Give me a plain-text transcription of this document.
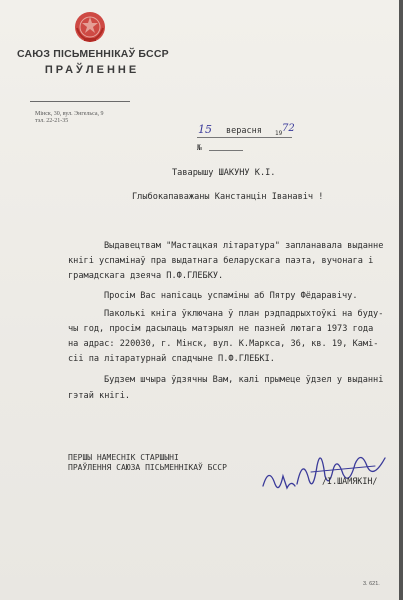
САЮЗ ПІСЬМЕННІКАЎ БССР
ПРАЎЛЕННЕ
Мінск, 30, вул. Энгельса, 9
тэл. 22-21-35
15 верасня 19 72
№
Таварышу ШАКУНУ К.І.
Глыбокапаважаны Канстанцін Іванавіч !
Выдавецтвам "Мастацкая літаратура" запланавала выданне
кнігі успамінаў пра выдатнага беларускага паэта, вучонага і
грамадскага дзеяча П.Ф.ГЛЕБКУ.
Просім Вас напісаць успаміны аб Пятру Фёдаравічу.
Паколькі кніга ўключана ў план рэдпадрыхтоўкі на буду-
чы год, просім дасылаць матэрыял не пазней лютага 1973 года
на адрас: 220030, г. Мінск, вул. К.Маркса, 36, кв. 19, Камі-
сіі па літаратурнай спадчыне П.Ф.ГЛЕБКІ.
Будзем шчыра ўдзячны Вам, калі прымеце ўдзел у выданні
гэтай кнігі.
ПЕРШЫ НАМЕСНІК СТАРШЫНІ
ПРАЎЛЕННЯ САЮЗА ПІСЬМЕННІКАЎ БССР
/І.ШАМЯКІН/
3. 621.
